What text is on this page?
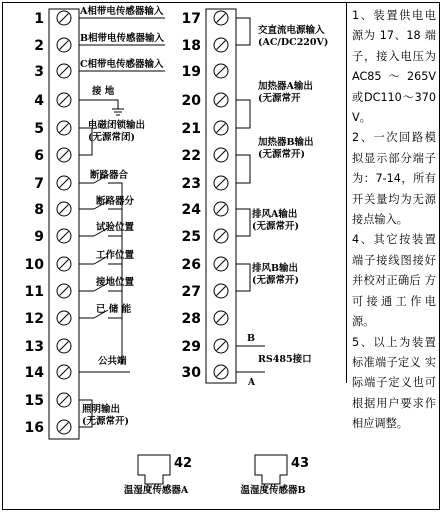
1	A相带电传感器输入
2	B相带电传感器输入
3	C相带电传感器输入
4
接 地
5	电磁闭锁输出
6
(无源常闭)
7
断路器合
8
断路器分
9
试验位置
10
工作位置
11
接地位置
12
已 储 能
13
14
公共端
15
照明输出
16	(无源常开)
17
交直流电源输入
18	(AC/DC220V)
19
20
加热器A输出
21
(无源常开
22
加热器B输出
23
(无源常开)
24	排风A输出
25
(无源常开)
26	排风B输出
27
(无源常开)
28
29
B
30
RS485接口
A
42
温湿度传感器A
43
温湿度传感器B

1、装置供电电源为 17、18 端子，接入电压为AC85～265V 或DC110～370V。

2、一次回路模拟显示部分端子为：7-14，所有开关量均为无源接点输入。

4、其它按装置端子接线图接好并校对正确后 方可接通工作电源。

5、以上为装置标准端子定义 实际端子定义也可根据用户要求作相应调整。
